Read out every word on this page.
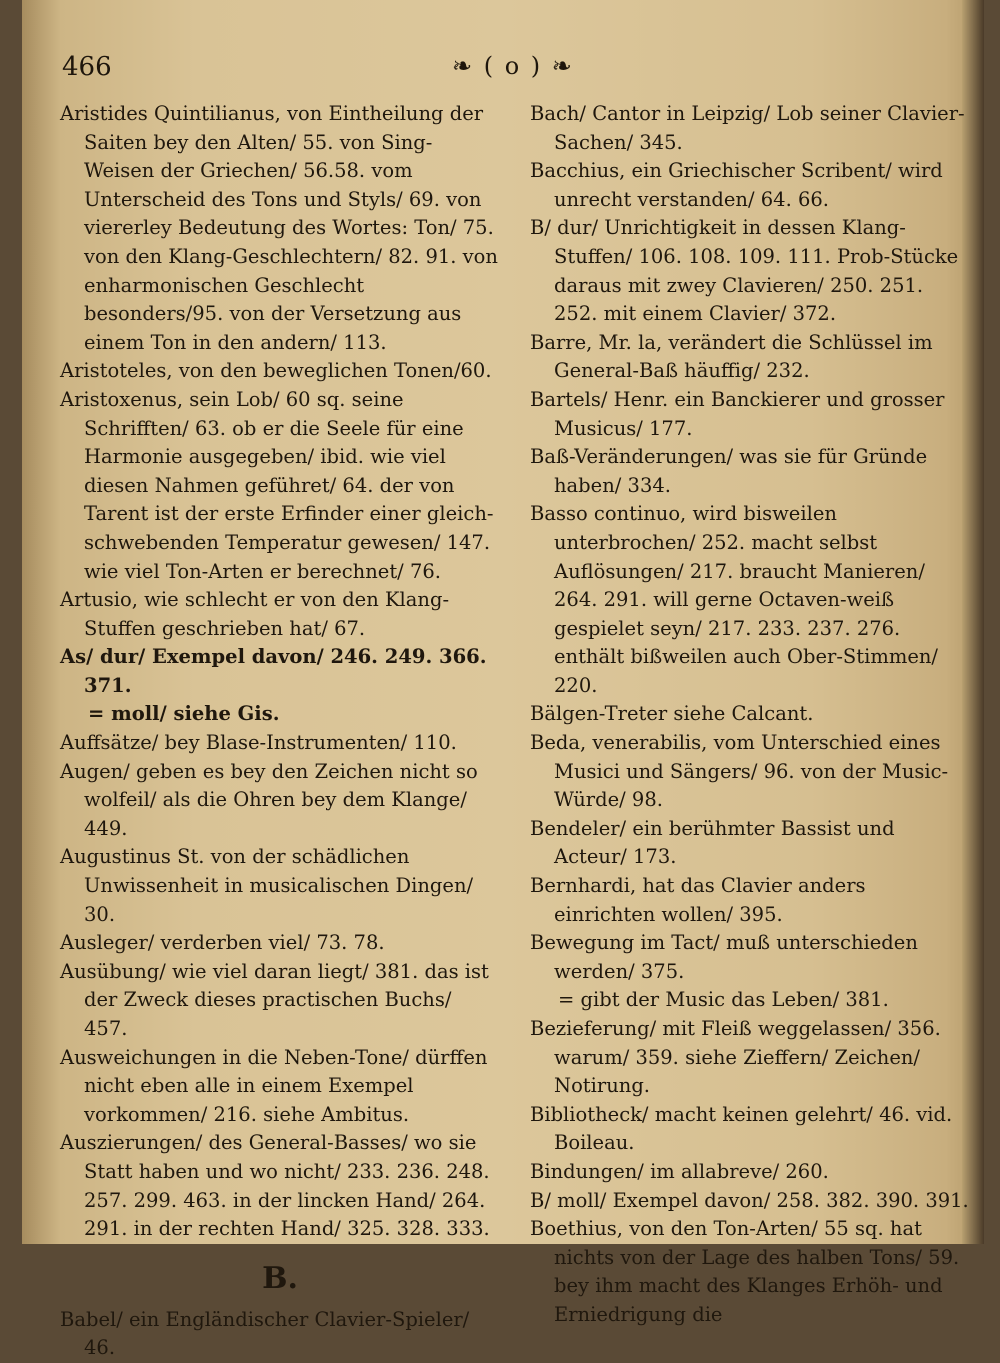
466	❧ ( o ) ❧

Aristides Quintilianus, von Eintheilung der Saiten bey den Alten/ 55. von Sing-Weisen der Griechen/ 56.58. vom Unterscheid des Tons und Styls/ 69. von viererley Bedeutung des Wortes: Ton/ 75. von den Klang-Geschlechtern/ 82. 91. von enharmonischen Geschlecht besonders/95. von der Versetzung aus einem Ton in den andern/ 113.

Aristoteles, von den beweglichen Tonen/60.

Aristoxenus, sein Lob/ 60 sq. seine Schrifften/ 63. ob er die Seele für eine Harmonie ausgegeben/ ibid. wie viel diesen Nahmen geführet/ 64. der von Tarent ist der erste Erfinder einer gleich-schwebenden Temperatur gewesen/ 147. wie viel Ton-Arten er berechnet/ 76.

Artusio, wie schlecht er von den Klang-Stuffen geschrieben hat/ 67.

As/ dur/ Exempel davon/ 246. 249. 366. 371.

= moll/ siehe Gis.

Auffsätze/ bey Blase-Instrumenten/ 110.

Augen/ geben es bey den Zeichen nicht so wolfeil/ als die Ohren bey dem Klange/ 449.

Augustinus St. von der schädlichen Unwissenheit in musicalischen Dingen/ 30.

Ausleger/ verderben viel/ 73. 78.

Ausübung/ wie viel daran liegt/ 381. das ist der Zweck dieses practischen Buchs/ 457.

Ausweichungen in die Neben-Tone/ dürffen nicht eben alle in einem Exempel vorkommen/ 216. siehe Ambitus.

Auszierungen/ des General-Basses/ wo sie Statt haben und wo nicht/ 233. 236. 248. 257. 299. 463. in der lincken Hand/ 264. 291. in der rechten Hand/ 325. 328. 333.

B.

Babel/ ein Engländischer Clavier-Spieler/ 46.

Bach/ Cantor in Leipzig/ Lob seiner Clavier-Sachen/ 345.

Bacchius, ein Griechischer Scribent/ wird unrecht verstanden/ 64. 66.

B/ dur/ Unrichtigkeit in dessen Klang-Stuffen/ 106. 108. 109. 111. Prob-Stücke daraus mit zwey Clavieren/ 250. 251. 252. mit einem Clavier/ 372.

Barre, Mr. la, verändert die Schlüssel im General-Baß häuffig/ 232.

Bartels/ Henr. ein Banckierer und grosser Musicus/ 177.

Baß-Veränderungen/ was sie für Gründe haben/ 334.

Basso continuo, wird bisweilen unterbrochen/ 252. macht selbst Auflösungen/ 217. braucht Manieren/ 264. 291. will gerne Octaven-weiß gespielet seyn/ 217. 233. 237. 276. enthält bißweilen auch Ober-Stimmen/ 220.

Bälgen-Treter siehe Calcant.

Beda, venerabilis, vom Unterschied eines Musici und Sängers/ 96. von der Music-Würde/ 98.

Bendeler/ ein berühmter Bassist und Acteur/ 173.

Bernhardi, hat das Clavier anders einrichten wollen/ 395.

Bewegung im Tact/ muß unterschieden werden/ 375.

= gibt der Music das Leben/ 381.

Bezieferung/ mit Fleiß weggelassen/ 356. warum/ 359. siehe Zieffern/ Zeichen/ Notirung.

Bibliotheck/ macht keinen gelehrt/ 46. vid. Boileau.

Bindungen/ im allabreve/ 260.

B/ moll/ Exempel davon/ 258. 382. 390. 391.

Boethius, von den Ton-Arten/ 55 sq. hat nichts von der Lage des halben Tons/ 59. bey ihm macht des Klanges Erhöh- und Erniedrigung die
